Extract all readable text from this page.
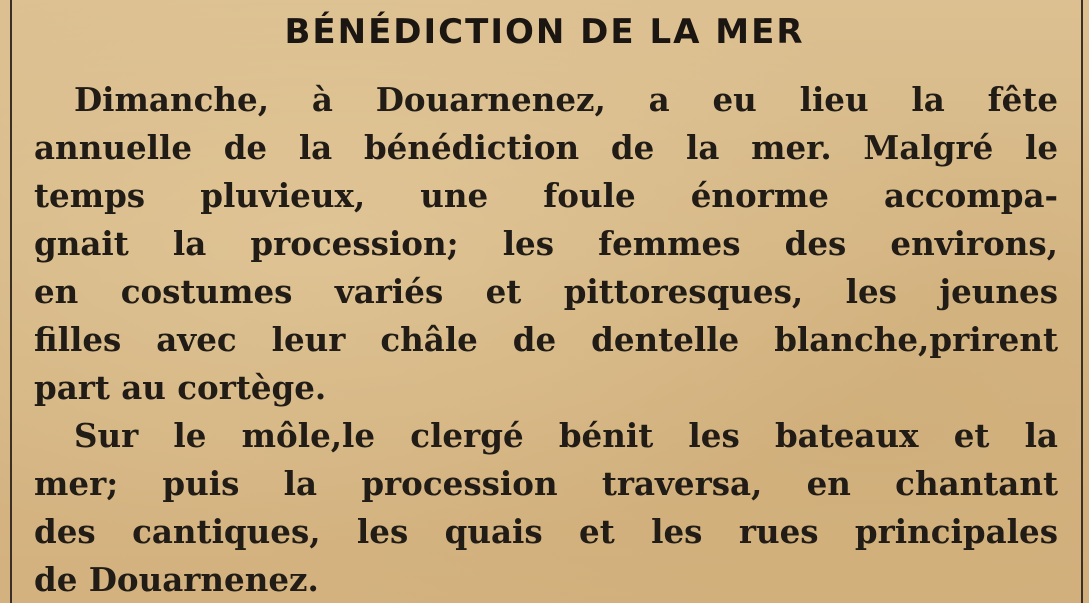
BÉNÉDICTION DE LA MER

Dimanche, à Douarnenez, a eu lieu la fête
annuelle de la bénédiction de la mer. Malgré le
temps pluvieux, une foule énorme accompa-
gnait la procession; les femmes des environs,
en costumes variés et pittoresques, les jeunes
filles avec leur châle de dentelle blanche,prirent
part au cortège.

Sur le môle,le clergé bénit les bateaux et la
mer; puis la procession traversa, en chantant
des cantiques, les quais et les rues principales
de Douarnenez.
